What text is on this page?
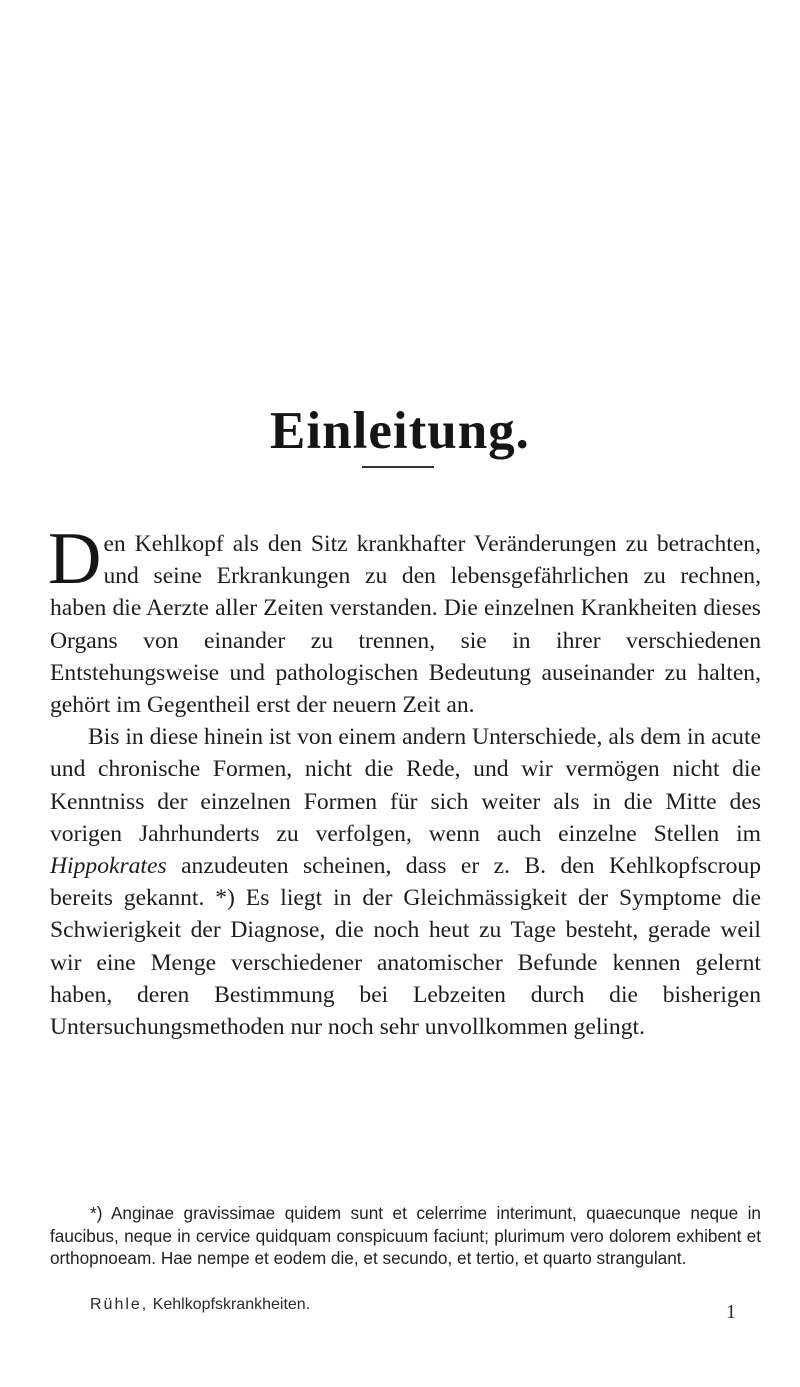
Einleitung.

Den Kehlkopf als den Sitz krankhafter Veränderungen zu betrachten, und seine Erkrankungen zu den lebensgefährlichen zu rechnen, haben die Aerzte aller Zeiten verstanden. Die einzelnen Krankheiten dieses Organs von einander zu trennen, sie in ihrer verschiedenen Entstehungsweise und pathologischen Bedeutung auseinander zu halten, gehört im Gegentheil erst der neuern Zeit an.

Bis in diese hinein ist von einem andern Unterschiede, als dem in acute und chronische Formen, nicht die Rede, und wir vermögen nicht die Kenntniss der einzelnen Formen für sich weiter als in die Mitte des vorigen Jahrhunderts zu verfolgen, wenn auch einzelne Stellen im Hippokrates anzudeuten scheinen, dass er z. B. den Kehlkopfscroup bereits gekannt. *) Es liegt in der Gleichmässigkeit der Symptome die Schwierigkeit der Diagnose, die noch heut zu Tage besteht, gerade weil wir eine Menge verschiedener anatomischer Befunde kennen gelernt haben, deren Bestimmung bei Lebzeiten durch die bisherigen Untersuchungsmethoden nur noch sehr unvollkommen gelingt.

*) Anginae gravissimae quidem sunt et celerrime interimunt, quaecunque neque in faucibus, neque in cervice quidquam conspicuum faciunt; plurimum vero dolorem exhibent et orthopnoeam. Hae nempe et eodem die, et secundo, et tertio, et quarto strangulant.

Rühle, Kehlkopfskrankheiten.	1
